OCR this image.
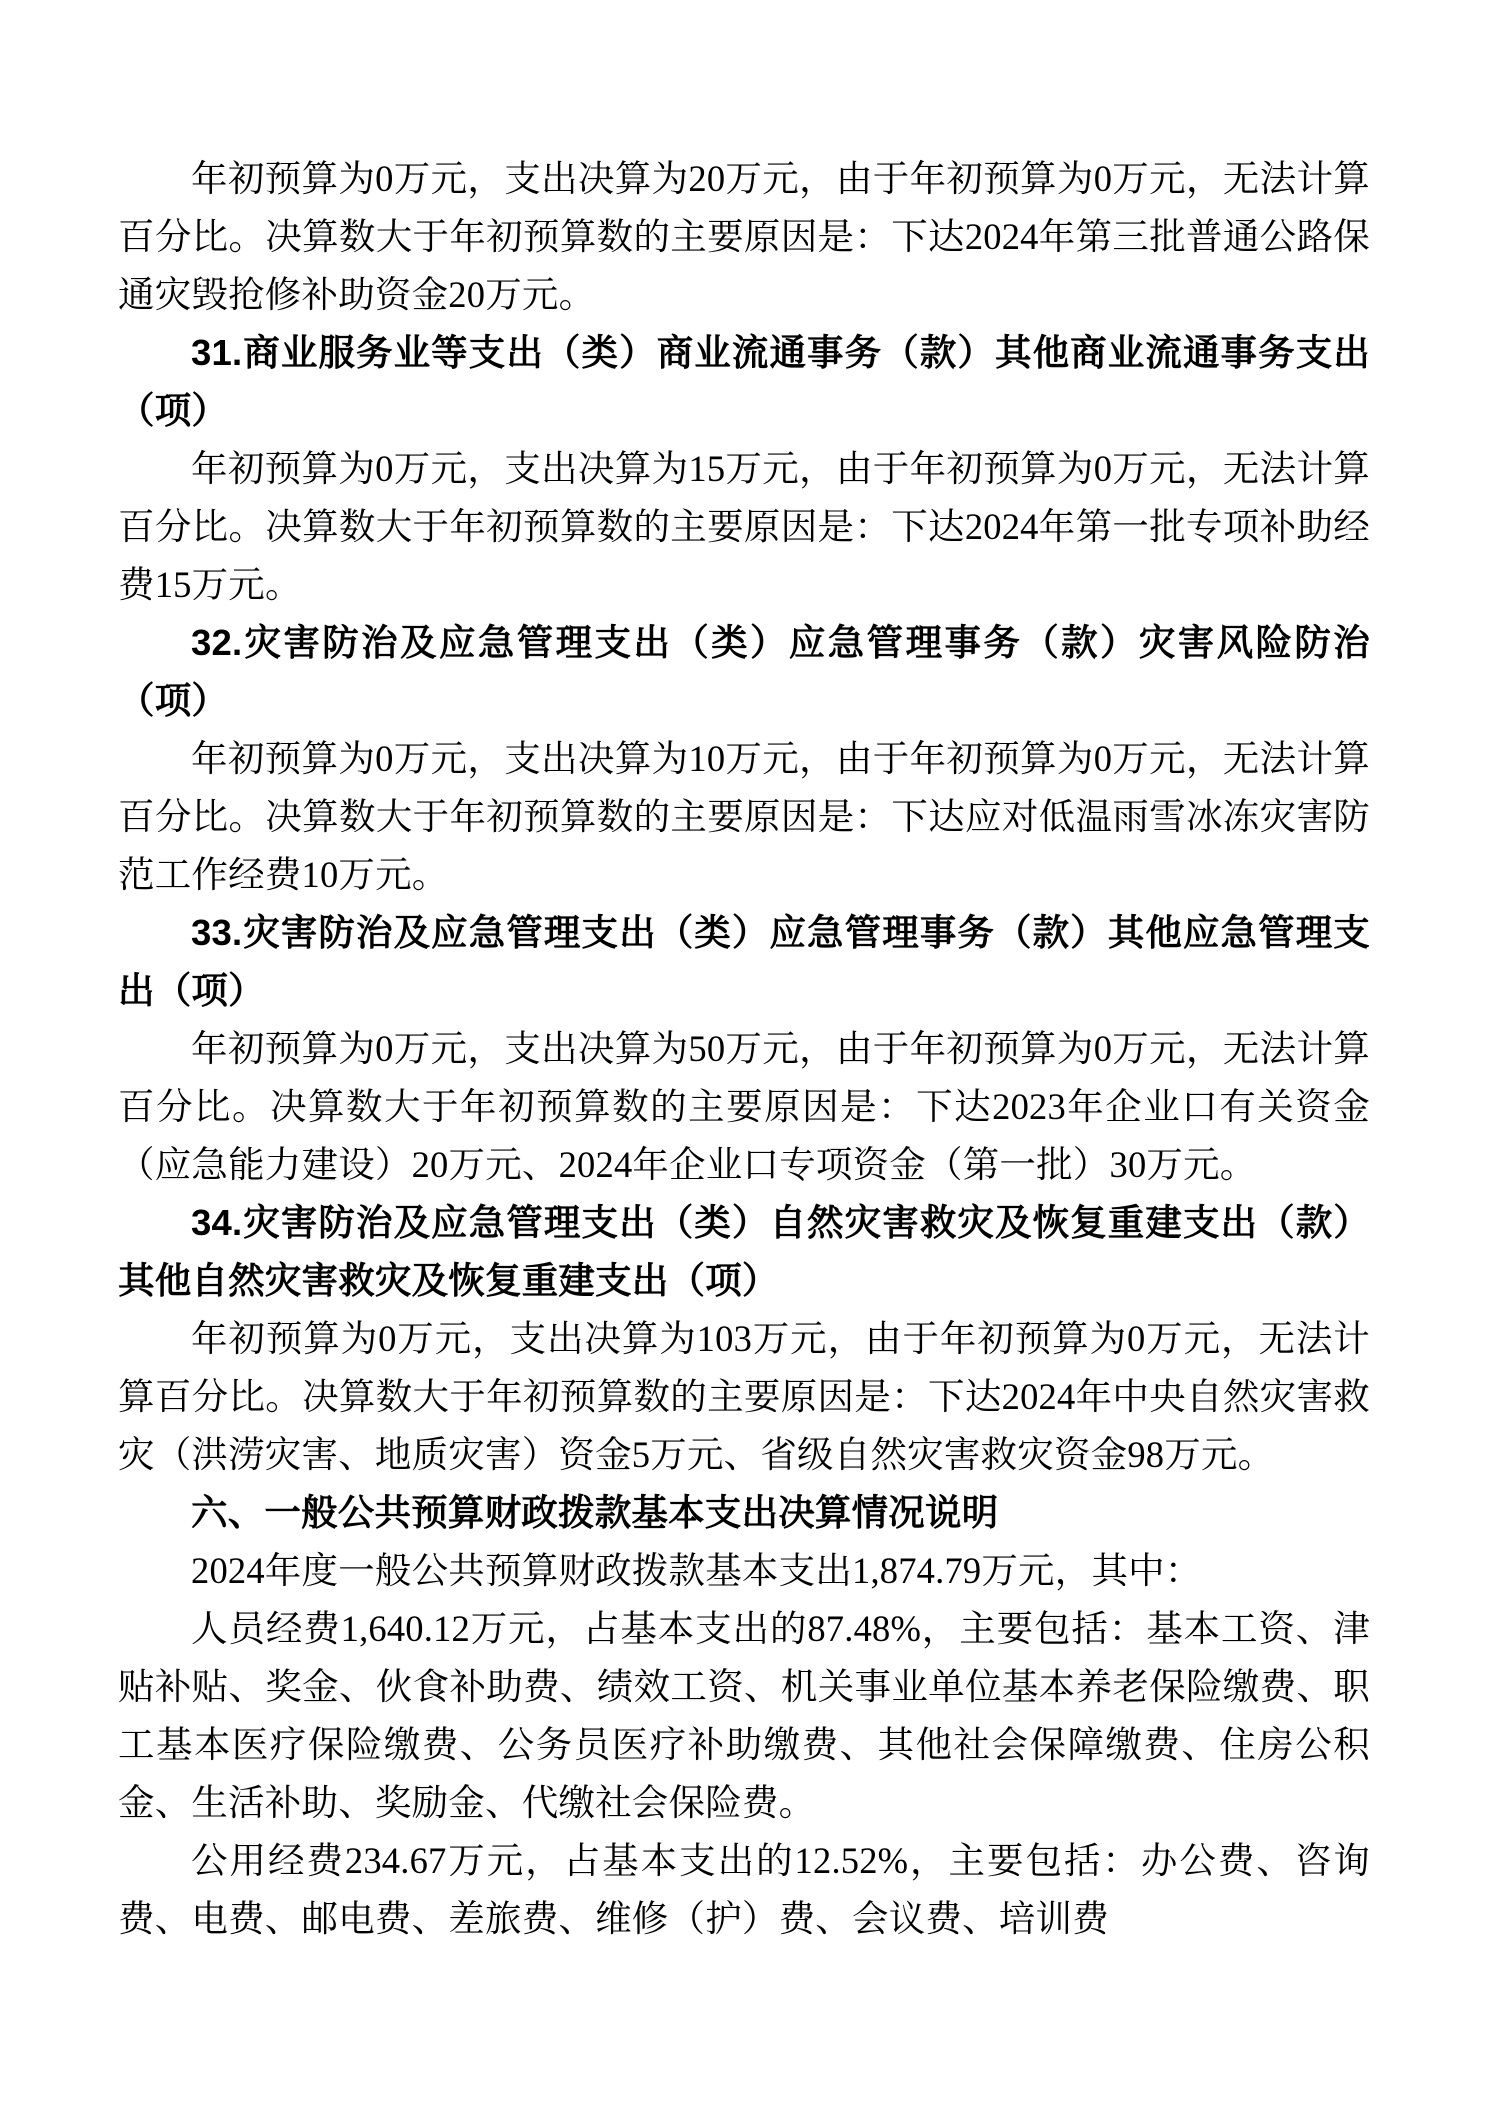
年初预算为0万元，支出决算为20万元，由于年初预算为0万元，无法计算百分比。决算数大于年初预算数的主要原因是：下达2024年第三批普通公路保通灾毁抢修补助资金20万元。

31.商业服务业等支出（类）商业流通事务（款）其他商业流通事务支出（项）

年初预算为0万元，支出决算为15万元，由于年初预算为0万元，无法计算百分比。决算数大于年初预算数的主要原因是：下达2024年第一批专项补助经费15万元。

32.灾害防治及应急管理支出（类）应急管理事务（款）灾害风险防治（项）

年初预算为0万元，支出决算为10万元，由于年初预算为0万元，无法计算百分比。决算数大于年初预算数的主要原因是：下达应对低温雨雪冰冻灾害防范工作经费10万元。

33.灾害防治及应急管理支出（类）应急管理事务（款）其他应急管理支出（项）

年初预算为0万元，支出决算为50万元，由于年初预算为0万元，无法计算百分比。决算数大于年初预算数的主要原因是：下达2023年企业口有关资金（应急能力建设）20万元、2024年企业口专项资金（第一批）30万元。

34.灾害防治及应急管理支出（类）自然灾害救灾及恢复重建支出（款）其他自然灾害救灾及恢复重建支出（项）

年初预算为0万元，支出决算为103万元，由于年初预算为0万元，无法计算百分比。决算数大于年初预算数的主要原因是：下达2024年中央自然灾害救灾（洪涝灾害、地质灾害）资金5万元、省级自然灾害救灾资金98万元。

六、一般公共预算财政拨款基本支出决算情况说明

2024年度一般公共预算财政拨款基本支出1,874.79万元，其中：

人员经费1,640.12万元，占基本支出的87.48%，主要包括：基本工资、津贴补贴、奖金、伙食补助费、绩效工资、机关事业单位基本养老保险缴费、职工基本医疗保险缴费、公务员医疗补助缴费、其他社会保障缴费、住房公积金、生活补助、奖励金、代缴社会保险费。

公用经费234.67万元，占基本支出的12.52%，主要包括：办公费、咨询费、电费、邮电费、差旅费、维修（护）费、会议费、培训费
